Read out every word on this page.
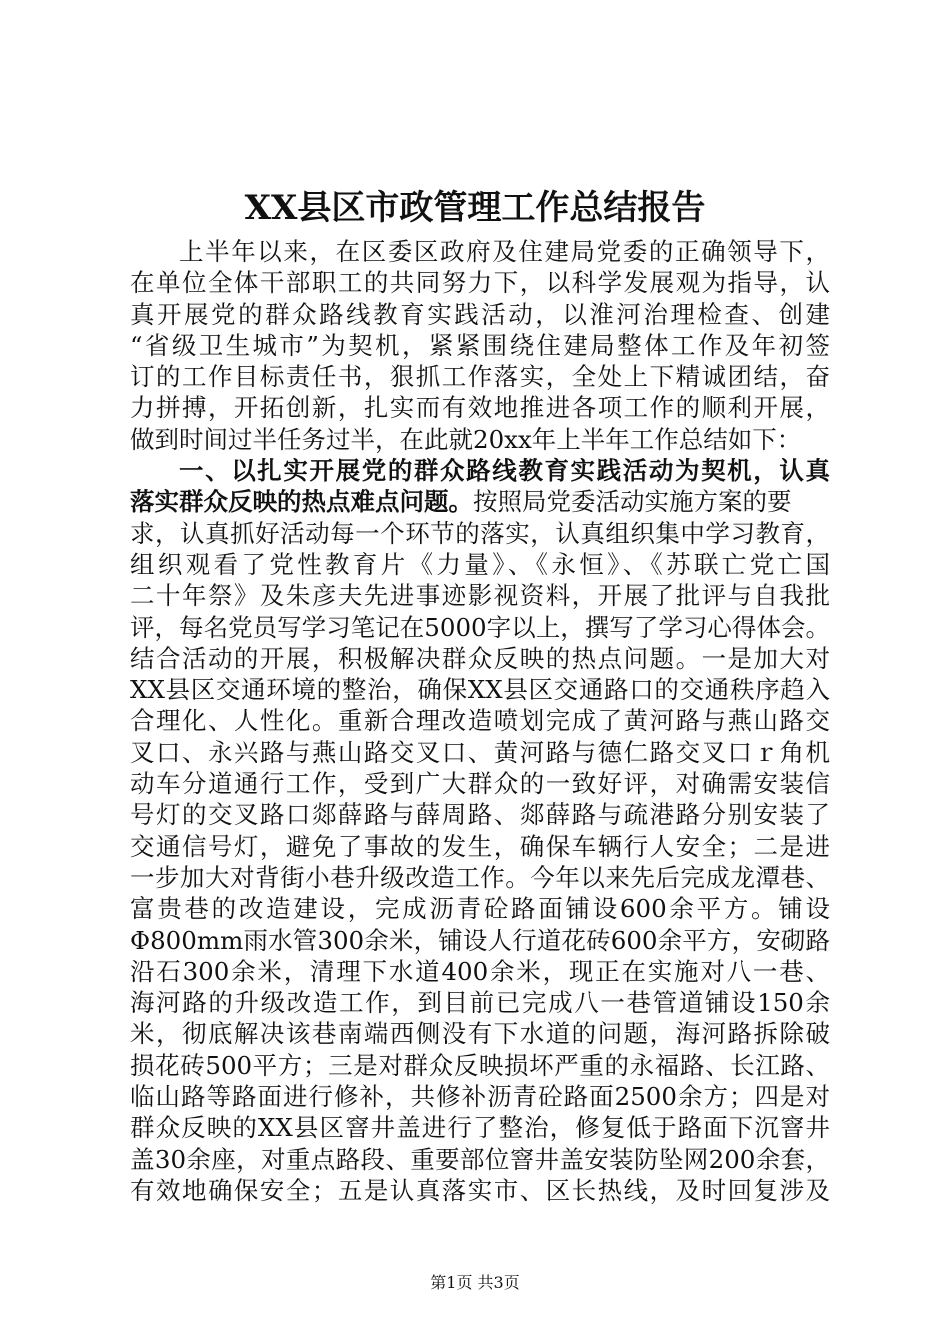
XX县区市政管理工作总结报告
上半年以来，在区委区政府及住建局党委的正确领导下，
在单位全体干部职工的共同努力下，以科学发展观为指导，认
真开展党的群众路线教育实践活动，以淮河治理检查、创建
“省级卫生城市”为契机，紧紧围绕住建局整体工作及年初签
订的工作目标责任书，狠抓工作落实，全处上下精诚团结，奋
力拼搏，开拓创新，扎实而有效地推进各项工作的顺利开展，
做到时间过半任务过半，在此就20xx年上半年工作总结如下：
一、以扎实开展党的群众路线教育实践活动为契机，认真
落实群众反映的热点难点问题。按照局党委活动实施方案的要
求，认真抓好活动每一个环节的落实，认真组织集中学习教育，
组织观看了党性教育片《力量》、《永恒》、《苏联亡党亡国
二十年祭》及朱彦夫先进事迹影视资料，开展了批评与自我批
评，每名党员写学习笔记在5000字以上，撰写了学习心得体会。
结合活动的开展，积极解决群众反映的热点问题。一是加大对
XX县区交通环境的整治，确保XX县区交通路口的交通秩序趋入
合理化、人性化。重新合理改造喷划完成了黄河路与燕山路交
叉口、永兴路与燕山路交叉口、黄河路与德仁路交叉口ｒ角机
动车分道通行工作，受到广大群众的一致好评，对确需安装信
号灯的交叉路口郯薛路与薛周路、郯薛路与疏港路分别安装了
交通信号灯，避免了事故的发生，确保车辆行人安全；二是进
一步加大对背街小巷升级改造工作。今年以来先后完成龙潭巷、
富贵巷的改造建设，完成沥青砼路面铺设600余平方。铺设
Φ800mm雨水管300余米，铺设人行道花砖600余平方，安砌路
沿石300余米，清理下水道400余米，现正在实施对八一巷、
海河路的升级改造工作，到目前已完成八一巷管道铺设150余
米，彻底解决该巷南端西侧没有下水道的问题，海河路拆除破
损花砖500平方；三是对群众反映损坏严重的永福路、长江路、
临山路等路面进行修补，共修补沥青砼路面2500余方；四是对
群众反映的XX县区窨井盖进行了整治，修复低于路面下沉窨井
盖30余座，对重点路段、重要部位窨井盖安装防坠网200余套，
有效地确保安全；五是认真落实市、区长热线，及时回复涉及
第1页 共3页
